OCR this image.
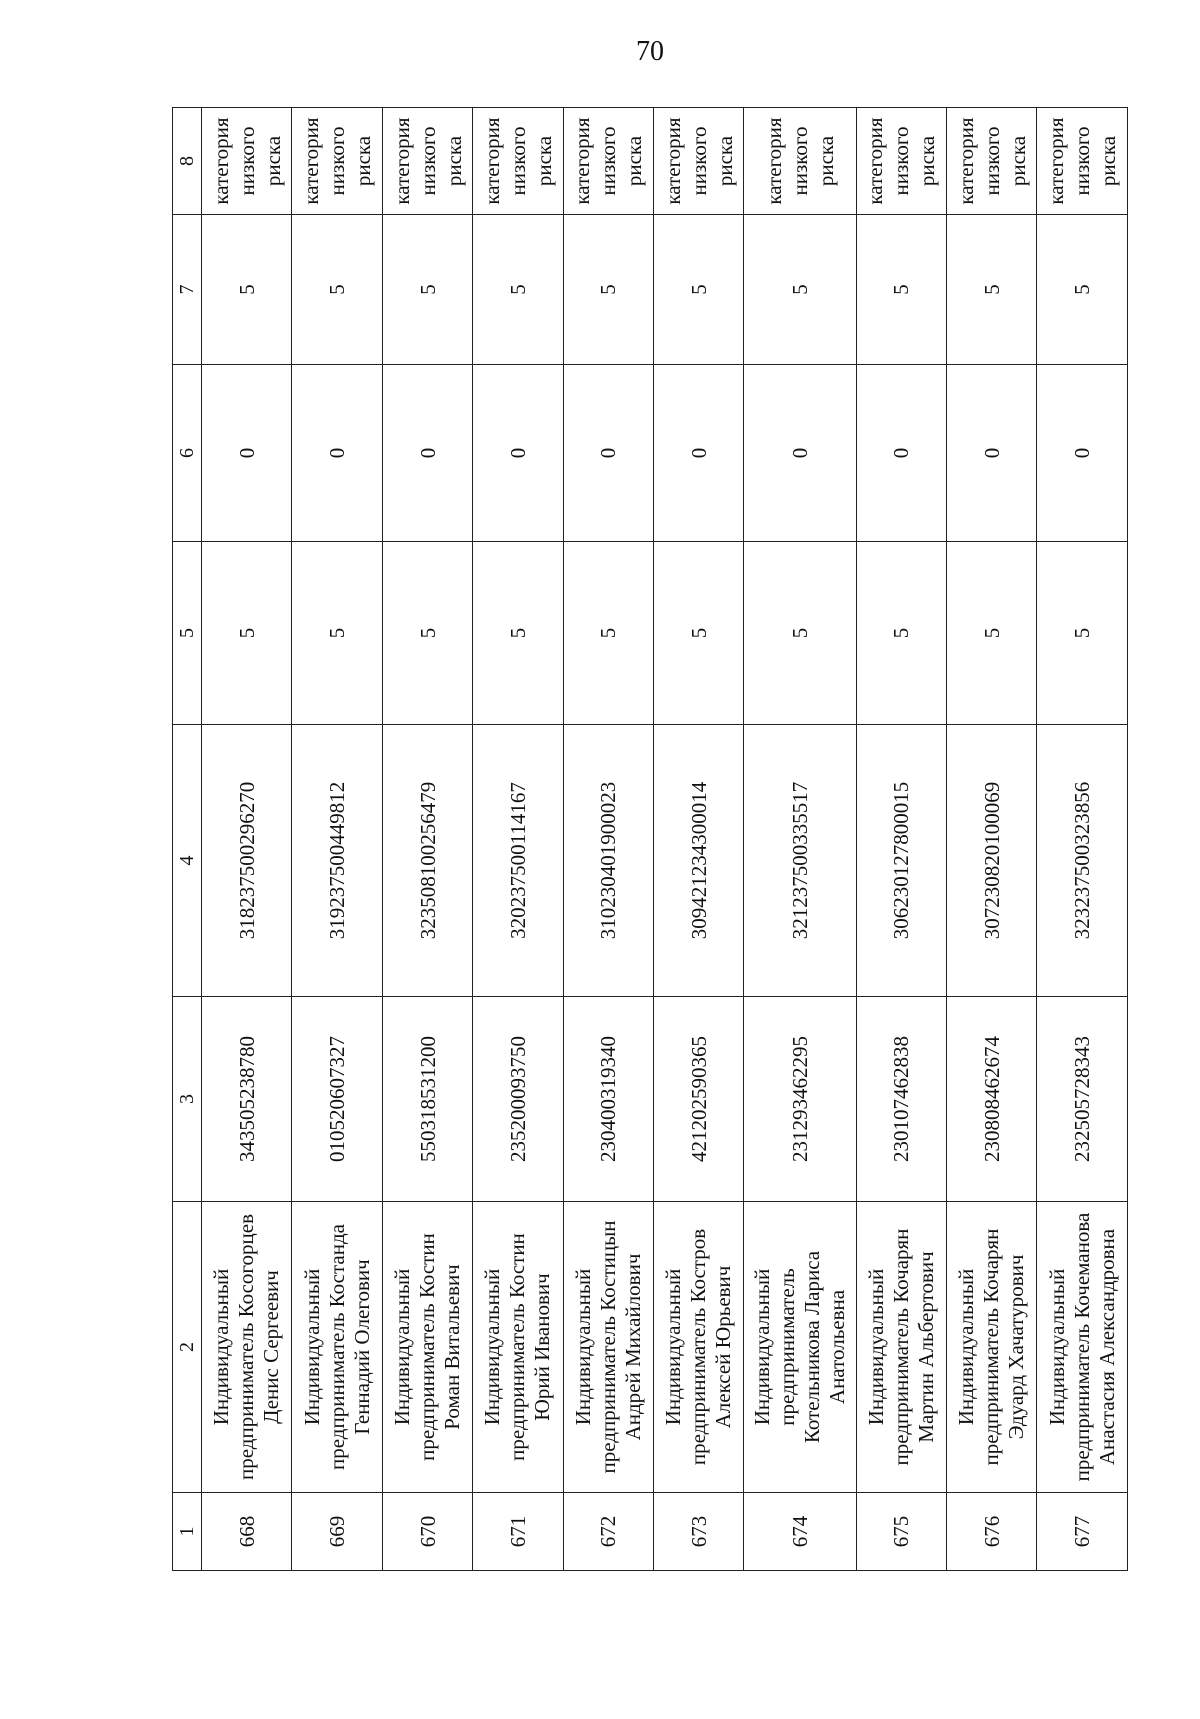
70
1	2	3	4	5	6	7	8
668	Индивидуальный предприниматель Косогорцев Денис Сергеевич	343505238780	318237500296270	5	0	5	категория низкого риска
669	Индивидуальный предприниматель Костанда Геннадий Олегович	010520607327	319237500449812	5	0	5	категория низкого риска
670	Индивидуальный предприниматель Костин Роман Витальевич	550318531200	323508100256479	5	0	5	категория низкого риска
671	Индивидуальный предприниматель Костин Юрий Иванович	235200093750	320237500114167	5	0	5	категория низкого риска
672	Индивидуальный предприниматель Костицын Андрей Михайлович	230400319340	310230401900023	5	0	5	категория низкого риска
673	Индивидуальный предприниматель Костров Алексей Юрьевич	421202590365	309421234300014	5	0	5	категория низкого риска
674	Индивидуальный предприниматель Котельникова Лариса Анатольевна	231293462295	321237500335517	5	0	5	категория низкого риска
675	Индивидуальный предприниматель Кочарян Мартин Альбертович	230107462838	306230127800015	5	0	5	категория низкого риска
676	Индивидуальный предприниматель Кочарян Эдуард Хачатурович	230808462674	307230820100069	5	0	5	категория низкого риска
677	Индивидуальный предприниматель Кочеманова Анастасия Александровна	232505728343	323237500323856	5	0	5	категория низкого риска
